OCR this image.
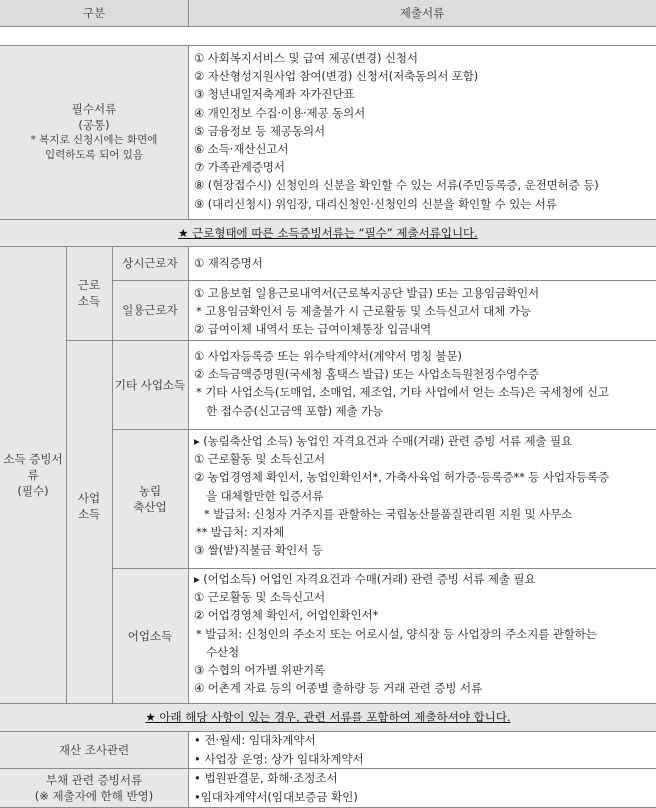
구분	제출서류
필수서류
(공통)
* 복지로 신청시에는 화면에
입력하도록 되어 있음
① 사회복지서비스 및 급여 제공(변경) 신청서
② 자산형성지원사업 참여(변경) 신청서(저축동의서 포함)
③ 청년내일저축계좌 자가진단표
④ 개인정보 수집·이용·제공 동의서
⑤ 금융정보 등 제공동의서
⑥ 소득·재산신고서
⑦ 가족관계증명서
⑧ (현장접수시) 신청인의 신분을 확인할 수 있는 서류(주민등록증, 운전면허증 등)
⑨ (대리신청시) 위임장, 대리신청인·신청인의 신분을 확인할 수 있는 서류
★ 근로형태에 따른 소득증빙서류는 “필수” 제출서류입니다.
소득 증빙서
류
(필수)
근로
소득
상시근로자 ① 재직증명서
일용근로자
① 고용보험 일용근로내역서(근로복지공단 발급) 또는 고용임금확인서
* 고용임금확인서 등 제출불가 시 근로활동 및 소득신고서 대체 가능
② 급여이체 내역서 또는 급여이체통장 입금내역
사업
소득
기타 사업소득
① 사업자등록증 또는 위수탁계약서(계약서 명칭 불문)
② 소득금액증명원(국세청 홈택스 발급) 또는 사업소득원천징수영수증
* 기타 사업소득(도매업, 소매업, 제조업, 기타 사업에서 얻는 소득)은 국세청에 신고
한 접수증(신고금액 포함) 제출 가능
농림
축산업
▸ (농림축산업 소득) 농업인 자격요건과 수매(거래) 관련 증빙 서류 제출 필요
① 근로활동 및 소득신고서
② 농업경영체 확인서, 농업인확인서*, 가축사육업 허가증·등록증** 등 사업자등록증
을 대체할만한 입증서류
* 발급처: 신청자 거주지를 관할하는 국립농산물품질관리원 지원 및 사무소
** 발급처: 지자체
③ 쌀(밭)직불금 확인서 등
어업소득
▸ (어업소득) 어업인 자격요건과 수매(거래) 관련 증빙 서류 제출 필요
① 근로활동 및 소득신고서
② 어업경영체 확인서, 어업인확인서*
* 발급처: 신청인의 주소지 또는 어로시설, 양식장 등 사업장의 주소지를 관할하는
수산청
③ 수협의 어가별 위판기록
④ 어촌계 자료 등의 어종별 출하량 등 거래 관련 증빙 서류
★ 아래 해당 사항이 있는 경우, 관련 서류를 포함하여 제출하셔야 합니다.
재산 조사관련
• 전·월세: 임대차계약서
• 사업장 운영: 상가 임대차계약서
부채 관련 증빙서류
(※ 제출자에 한해 반영)
• 법원판결문, 화해·조정조서
•임대차계약서(임대보증금 확인)
